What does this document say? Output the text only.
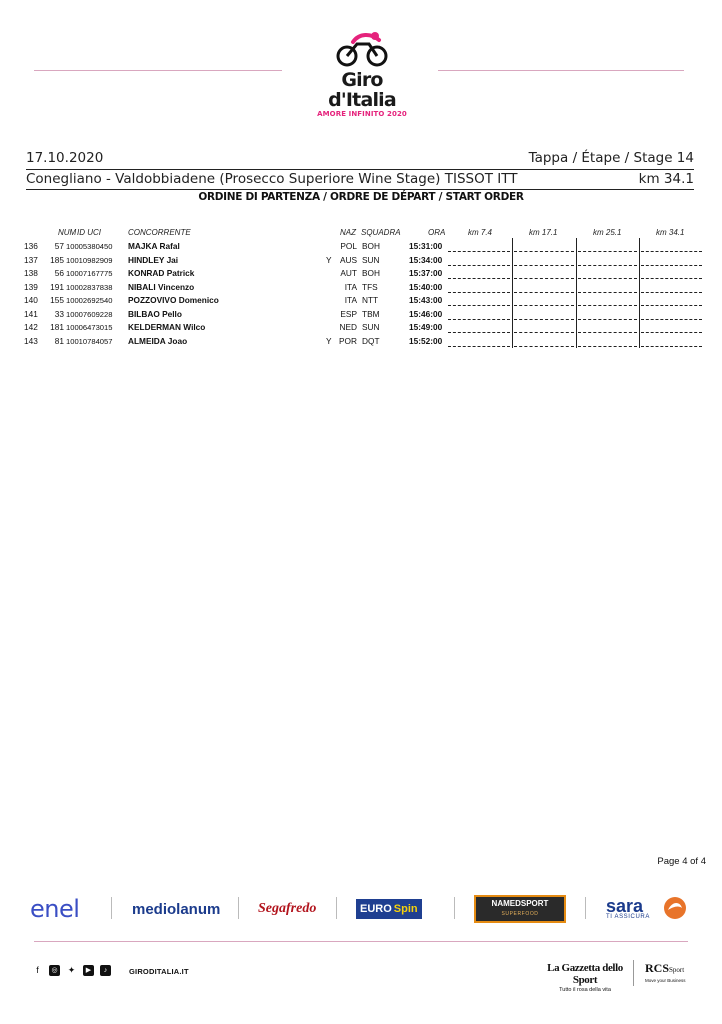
Giro d'Italia
AMORE INFINITO 2020
17.10.2020	Tappa / Étape / Stage 14
Conegliano - Valdobbiadene (Prosecco Superiore Wine Stage) TISSOT ITT	km 34.1
ORDINE DI PARTENZA / ORDRE DE DÉPART / START ORDER
NUM ID UCI	CONCORRENTE	NAZ SQUADRA	ORA	km 7.4	km 17.1	km 25.1	km 34.1
136	57 10005380450 MAJKA Rafal	POL BOH	15:31:00
137	185 10010982909 HINDLEY Jai	Y AUS SUN	15:34:00
138	56 10007167775 KONRAD Patrick	AUT BOH	15:37:00
139	191 10002837838 NIBALI Vincenzo	ITA TFS	15:40:00
140	155 10002692540 POZZOVIVO Domenico	ITA NTT	15:43:00
141	33 10007609228 BILBAO Pello	ESP TBM	15:46:00
142	181 10006473015 KELDERMAN Wilco	NED SUN	15:49:00
143	81 10010784057 ALMEIDA Joao	Y POR DQT	15:52:00
Page 4 of 4
enel	mediolanum	Segafredo	EURO Spin	NAMEDSPORT
SUPERFOOD	sara
TI ASSICURA
f	◎ ✦	▶	♪	GIRODITALIA.IT	La Gazzetta dello Sport
Tutto il rosa della vita
RCSSport
Move your Business
